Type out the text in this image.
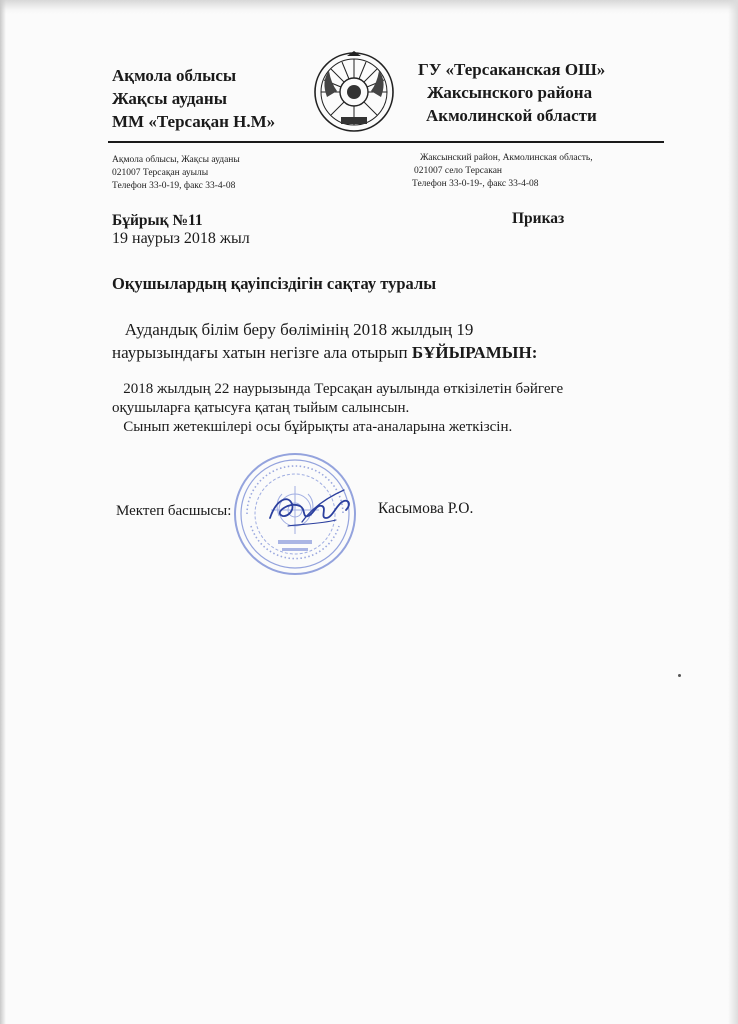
Ақмола облысы
Жақсы ауданы
ММ «Терсақан Н.М»
ГУ «Терсаканская ОШ»
Жаксынского района
Акмолинской области
Ақмола облысы, Жақсы ауданы
021007 Терсақан ауылы
Телефон 33-0-19, факс 33-4-08
Жаксынский район, Акмолинская область,
021007 село Терсакан
Телефон 33-0-19-, факс 33-4-08
Бұйрық №11	Приказ
19 наурыз 2018 жыл
Оқушылардың қауіпсіздігін сақтау туралы
Аудандық білім беру бөлімінің 2018 жылдың 19
наурызындағы хатын негізге ала отырып БҰЙЫРАМЫН:
2018 жылдың 22 наурызында Терсақан ауылында өткізілетін бәйгеге
оқушыларға қатысуға қатаң тыйым салынсын.
Сынып жетекшілері осы бұйрықты ата-аналарына жеткізсін.
Мектеп басшысы:	Касымова Р.О.
